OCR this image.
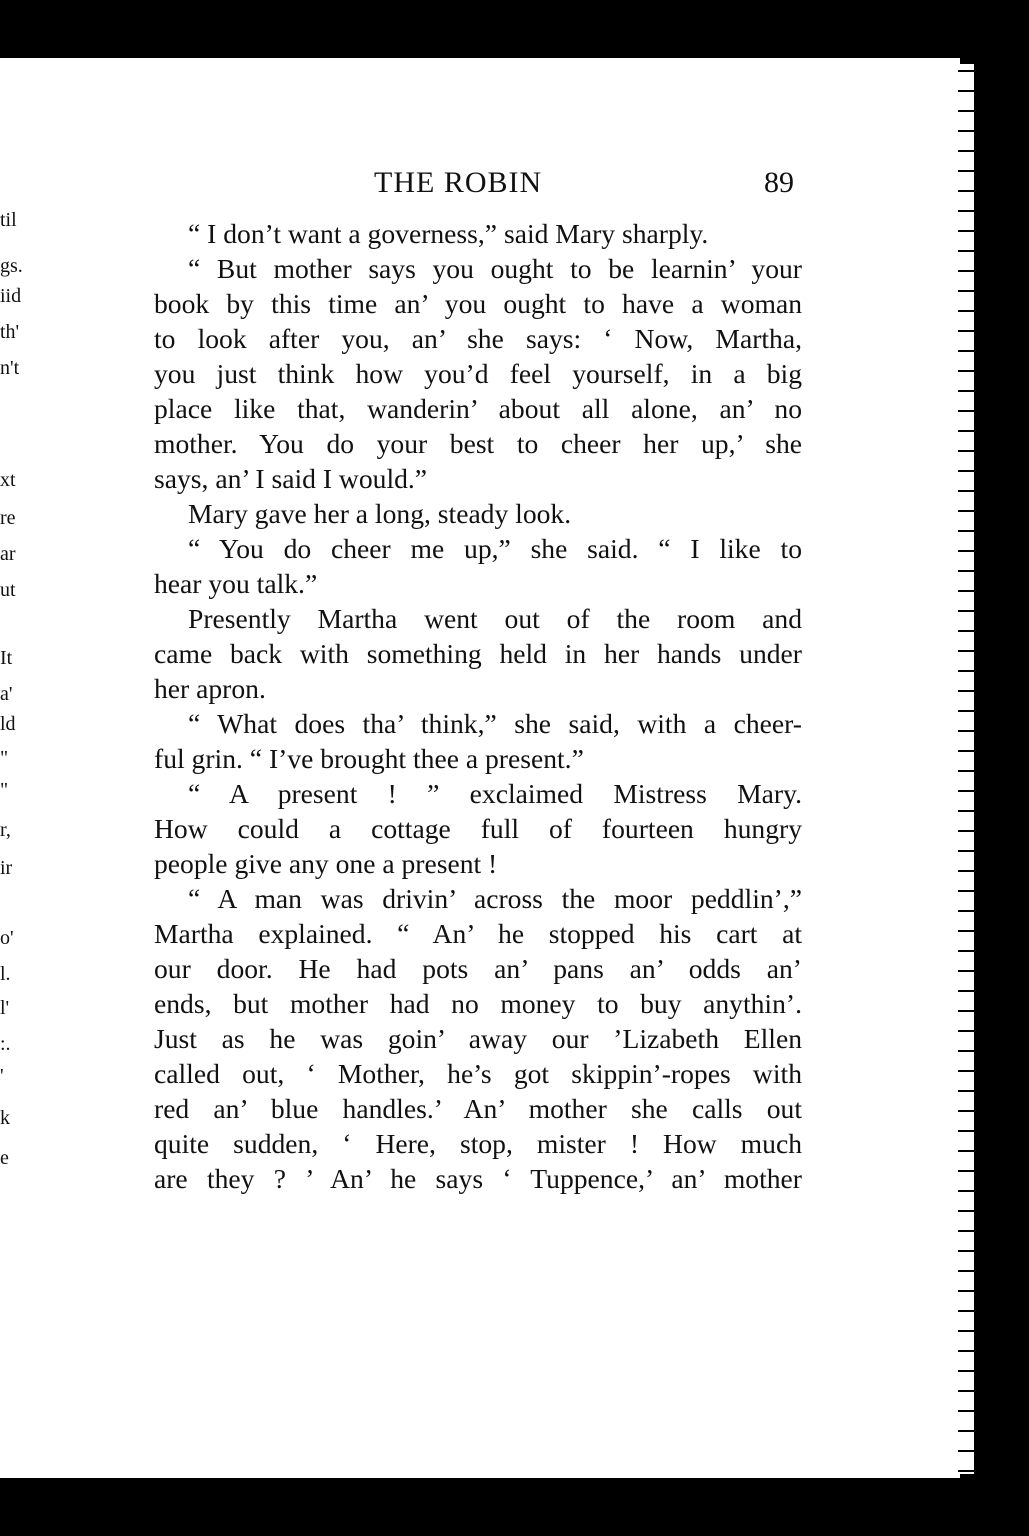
til
gs.
iid
th'
n't
xt
re
ar
ut
It
a'
ld
"
"
r,
ir
o'
l.
l'
:.
'
k
e
THE ROBIN	89
“ I don’t want a governess,” said Mary sharply.
“ But mother says you ought to be learnin’ your
book by this time an’ you ought to have a woman
to look after you, an’ she says: ‘ Now, Martha,
you just think how you’d feel yourself, in a big
place like that, wanderin’ about all alone, an’ no
mother. You do your best to cheer her up,’ she
says, an’ I said I would.”
Mary gave her a long, steady look.
“ You do cheer me up,” she said. “ I like to
hear you talk.”
Presently Martha went out of the room and
came back with something held in her hands under
her apron.
“ What does tha’ think,” she said, with a cheer-
ful grin. “ I’ve brought thee a present.”
“ A present ! ” exclaimed Mistress Mary.
How could a cottage full of fourteen hungry
people give any one a present !
“ A man was drivin’ across the moor peddlin’,”
Martha explained. “ An’ he stopped his cart at
our door. He had pots an’ pans an’ odds an’
ends, but mother had no money to buy anythin’.
Just as he was goin’ away our ’Lizabeth Ellen
called out, ‘ Mother, he’s got skippin’-ropes with
red an’ blue handles.’ An’ mother she calls out
quite sudden, ‘ Here, stop, mister ! How much
are they ? ’ An’ he says ‘ Tuppence,’ an’ mother
